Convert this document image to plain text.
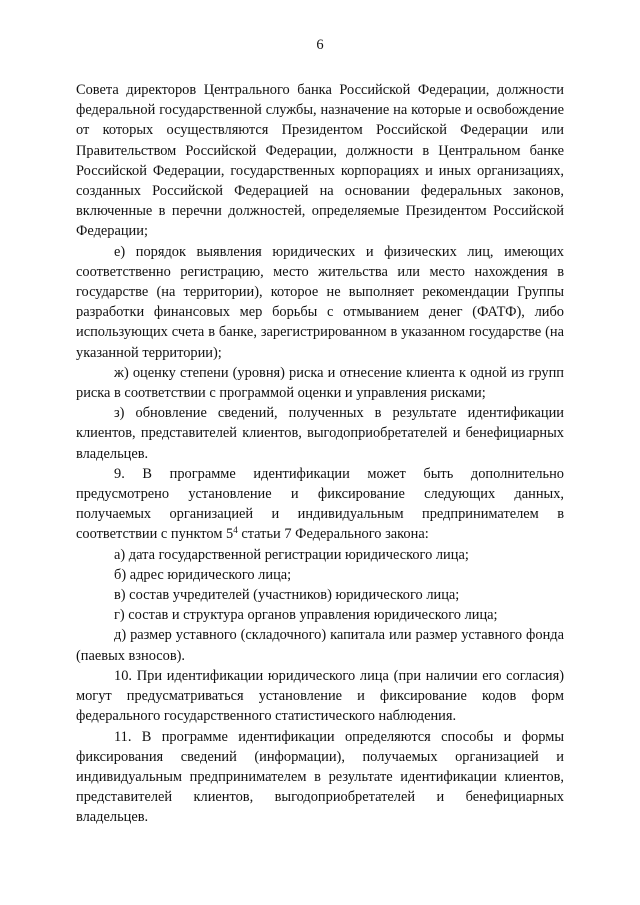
6

Совета директоров Центрального банка Российской Федерации, должности федеральной государственной службы, назначение на которые и освобождение от которых осуществляются Президентом Российской Федерации или Правительством Российской Федерации, должности в Центральном банке Российской Федерации, государственных корпорациях и иных организациях, созданных Российской Федерацией на основании федеральных законов, включенные в перечни должностей, определяемые Президентом Российской Федерации;

е) порядок выявления юридических и физических лиц, имеющих соответственно регистрацию, место жительства или место нахождения в государстве (на территории), которое не выполняет рекомендации Группы разработки финансовых мер борьбы с отмыванием денег (ФАТФ), либо использующих счета в банке, зарегистрированном в указанном государстве (на указанной территории);

ж) оценку степени (уровня) риска и отнесение клиента к одной из групп риска в соответствии с программой оценки и управления рисками;

з) обновление сведений, полученных в результате идентификации клиентов, представителей клиентов, выгодоприобретателей и бенефициарных владельцев.

9. В программе идентификации может быть дополнительно предусмотрено установление и фиксирование следующих данных, получаемых организацией и индивидуальным предпринимателем в соответствии с пунктом $5^4$ статьи 7 Федерального закона:

а) дата государственной регистрации юридического лица;

б) адрес юридического лица;

в) состав учредителей (участников) юридического лица;

г) состав и структура органов управления юридического лица;

д) размер уставного (складочного) капитала или размер уставного фонда (паевых взносов).

10. При идентификации юридического лица (при наличии его согласия) могут предусматриваться установление и фиксирование кодов форм федерального государственного статистического наблюдения.

11. В программе идентификации определяются способы и формы фиксирования сведений (информации), получаемых организацией и индивидуальным предпринимателем в результате идентификации клиентов, представителей клиентов, выгодоприобретателей и бенефициарных владельцев.
